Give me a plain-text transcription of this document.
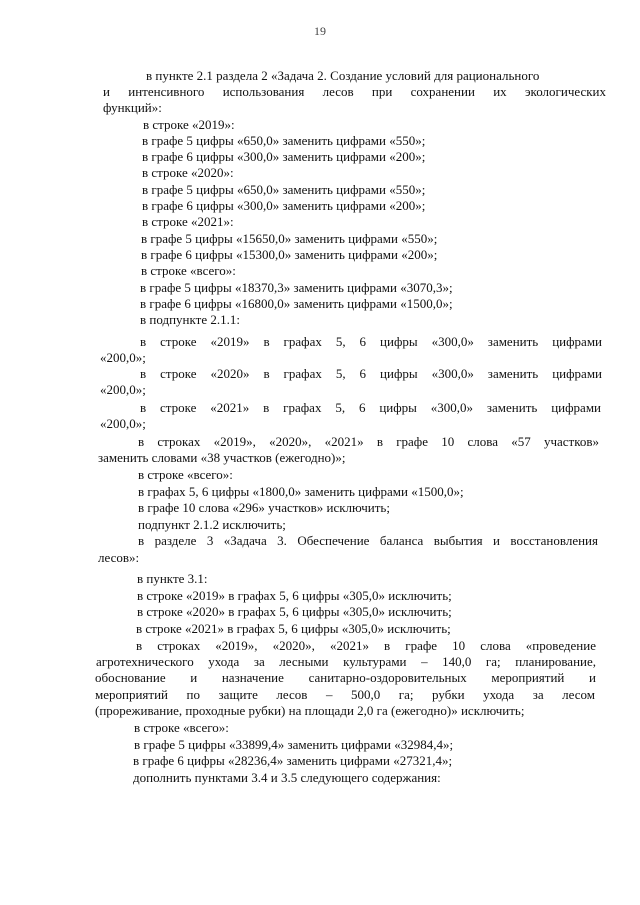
19
в пункте 2.1 раздела 2 «Задача 2. Создание условий для рационального
и интенсивного использования лесов при сохранении их экологических
функций»:
в строке «2019»:
в графе 5 цифры «650,0» заменить цифрами «550»;
в графе 6 цифры «300,0» заменить цифрами «200»;
в строке «2020»:
в графе 5 цифры «650,0» заменить цифрами «550»;
в графе 6 цифры «300,0» заменить цифрами «200»;
в строке «2021»:
в графе 5 цифры «15650,0» заменить цифрами «550»;
в графе 6 цифры «15300,0» заменить цифрами «200»;
в строке «всего»:
в графе 5 цифры «18370,3» заменить цифрами «3070,3»;
в графе 6 цифры «16800,0» заменить цифрами «1500,0»;
в подпункте 2.1.1:
в строке «2019» в графах 5, 6 цифры «300,0» заменить цифрами
«200,0»;
в строке «2020» в графах 5, 6 цифры «300,0» заменить цифрами
«200,0»;
в строке «2021» в графах 5, 6 цифры «300,0» заменить цифрами
«200,0»;
в строках «2019», «2020», «2021» в графе 10 слова «57 участков»
заменить словами «38 участков (ежегодно)»;
в строке «всего»:
в графах 5, 6 цифры «1800,0» заменить цифрами «1500,0»;
в графе 10 слова «296» участков» исключить;
подпункт 2.1.2 исключить;
в разделе 3 «Задача 3. Обеспечение баланса выбытия и восстановления
лесов»:
в пункте 3.1:
в строке «2019» в графах 5, 6 цифры «305,0» исключить;
в строке «2020» в графах 5, 6 цифры «305,0» исключить;
в строке «2021» в графах 5, 6 цифры «305,0» исключить;
в строках «2019», «2020», «2021» в графе 10 слова «проведение
агротехнического ухода за лесными культурами – 140,0 га; планирование,
обоснование и назначение санитарно-оздоровительных мероприятий и
мероприятий по защите лесов – 500,0 га; рубки ухода за лесом
(прореживание, проходные рубки) на площади 2,0 га (ежегодно)» исключить;
в строке «всего»:
в графе 5 цифры «33899,4» заменить цифрами «32984,4»;
в графе 6 цифры «28236,4» заменить цифрами «27321,4»;
дополнить пунктами 3.4 и 3.5 следующего содержания:
